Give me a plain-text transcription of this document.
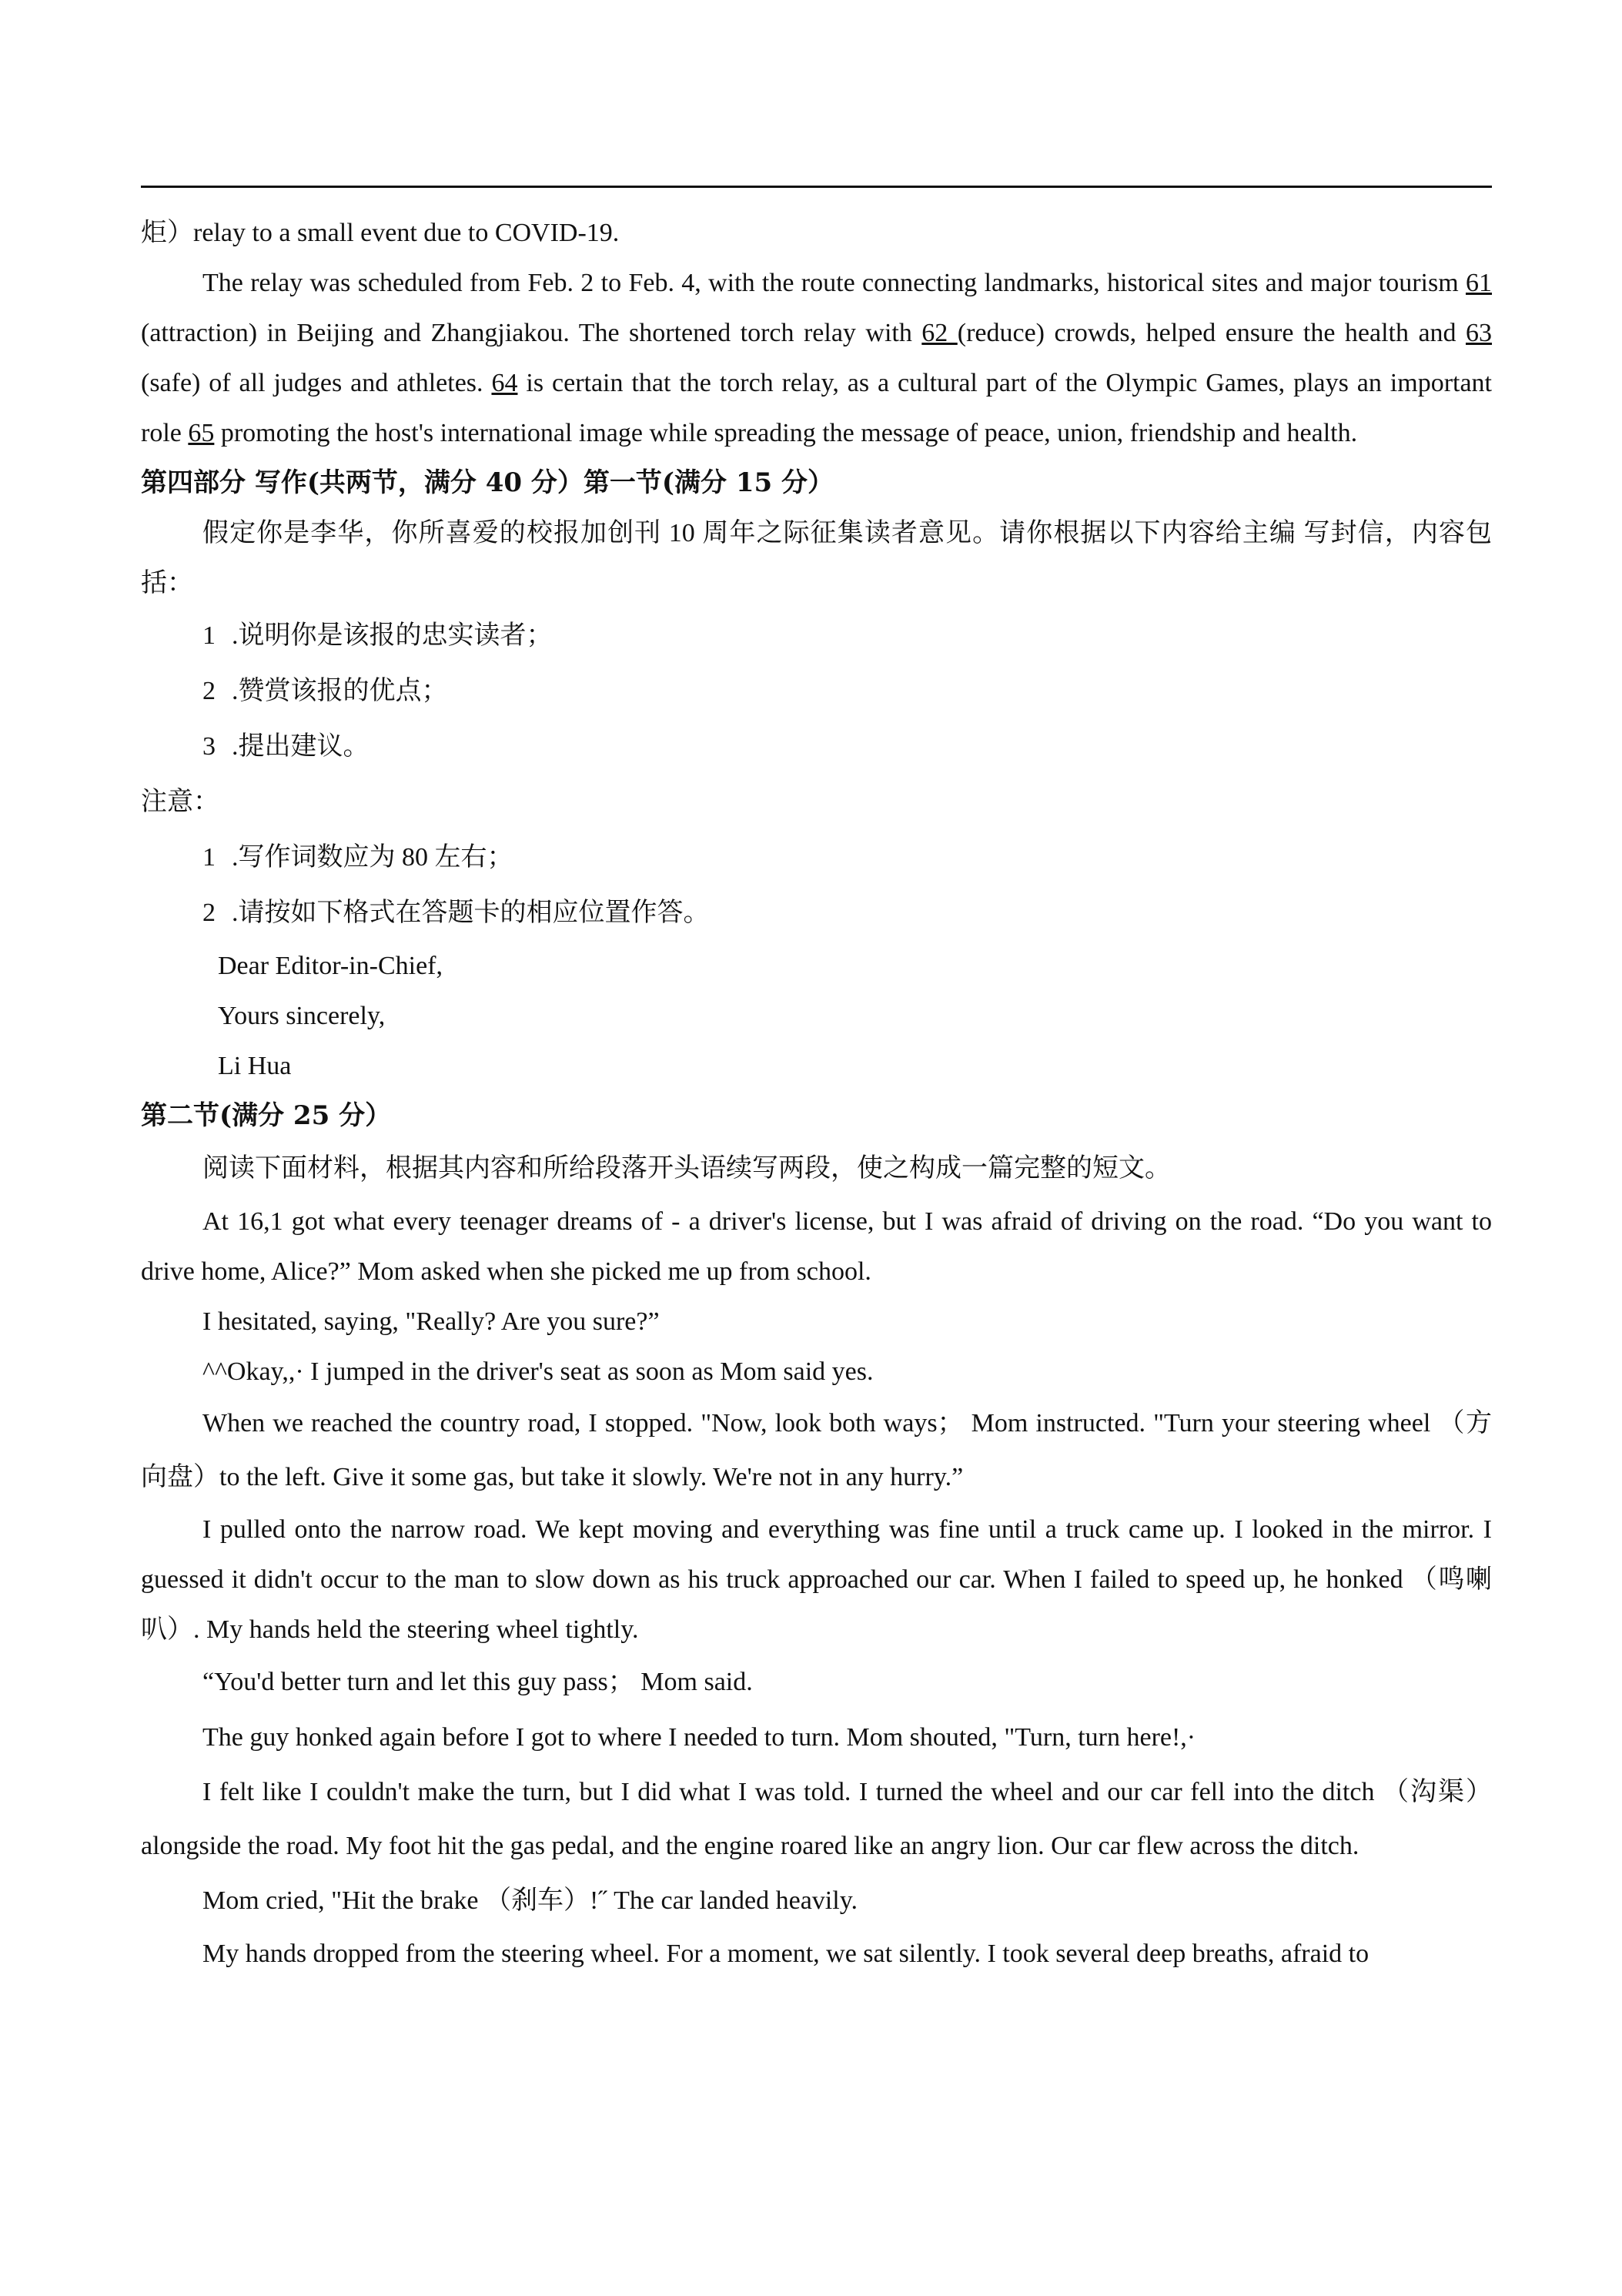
炬）relay to a small event due to COVID-19.

The relay was scheduled from Feb. 2 to Feb. 4, with the route connecting landmarks, historical sites and major tourism 61 (attraction) in Beijing and Zhangjiakou. The shortened torch relay with 62 (reduce) crowds, helped ensure the health and 63 (safe) of all judges and athletes. 64 is certain that the torch relay, as a cultural part of the Olympic Games, plays an important role 65 promoting the host's international image while spreading the message of peace, union, friendship and health.

第四部分 写作(共两节，满分 40 分）第一节(满分 15 分）

假定你是李华，你所喜爱的校报加创刊 10 周年之际征集读者意见。请你根据以下内容给主编 写封信，内容包括：

1 .说明你是该报的忠实读者；

2 .赞赏该报的优点；

3 .提出建议。

注意：

1 .写作词数应为 80 左右；

2 .请按如下格式在答题卡的相应位置作答。

Dear Editor-in-Chief,

Yours sincerely,

Li Hua

第二节(满分 25 分）

阅读下面材料，根据其内容和所给段落开头语续写两段，使之构成一篇完整的短文。

At 16,1 got what every teenager dreams of - a driver's license, but I was afraid of driving on the road. “Do you want to drive home, Alice?” Mom asked when she picked me up from school.

I hesitated, saying, "Really? Are you sure?”

^^Okay,,· I jumped in the driver's seat as soon as Mom said yes.

When we reached the country road, I stopped. "Now, look both ways； Mom instructed. "Turn your steering wheel （方向盘）to the left. Give it some gas, but take it slowly. We're not in any hurry.”

I pulled onto the narrow road. We kept moving and everything was fine until a truck came up. I looked in the mirror. I guessed it didn't occur to the man to slow down as his truck approached our car. When I failed to speed up, he honked （鸣喇叭）. My hands held the steering wheel tightly.

“You'd better turn and let this guy pass； Mom said.

The guy honked again before I got to where I needed to turn. Mom shouted, "Turn, turn here!,·

I felt like I couldn't make the turn, but I did what I was told. I turned the wheel and our car fell into the ditch （沟渠）alongside the road. My foot hit the gas pedal, and the engine roared like an angry lion. Our car flew across the ditch.

Mom cried, "Hit the brake （刹车）!˝ The car landed heavily.

My hands dropped from the steering wheel. For a moment, we sat silently. I took several deep breaths, afraid to
